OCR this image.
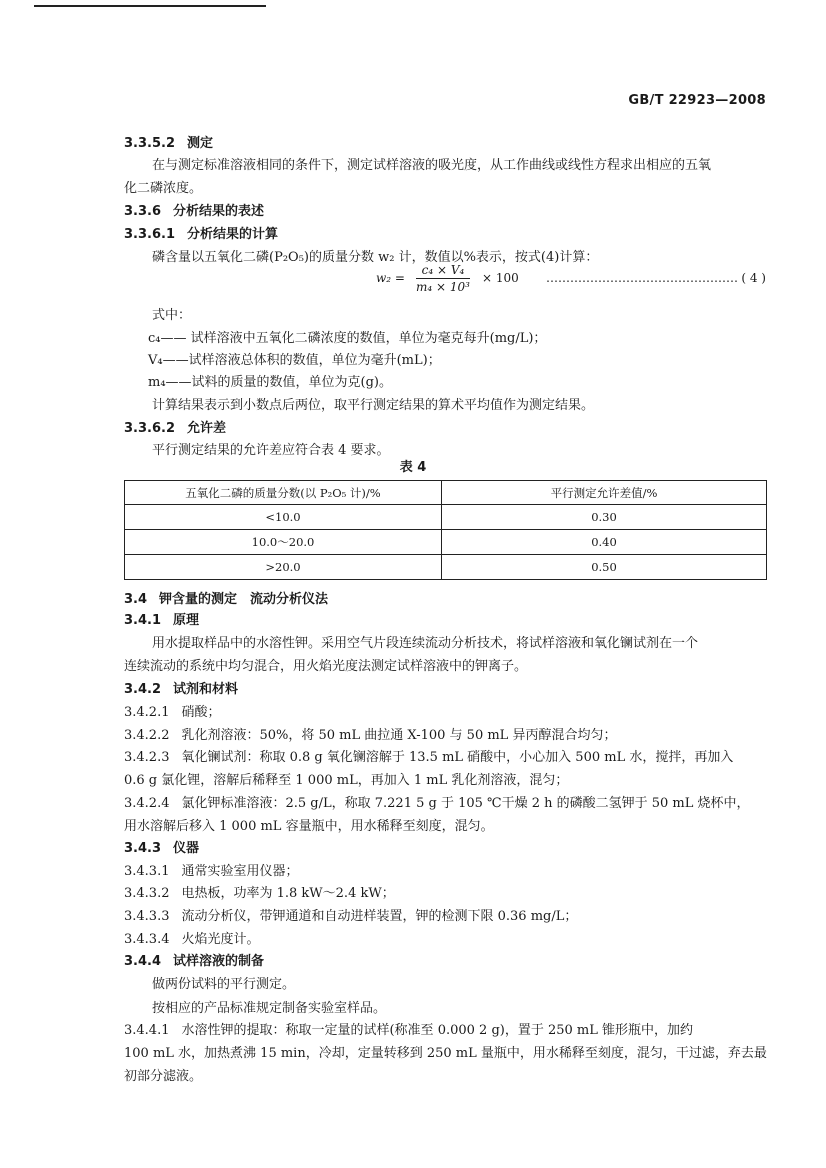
GB/T 22923—2008
3.3.5.2 测定
在与测定标准溶液相同的条件下，测定试样溶液的吸光度，从工作曲线或线性方程求出相应的五氧
化二磷浓度。
3.3.6 分析结果的表述
3.3.6.1 分析结果的计算
磷含量以五氧化二磷(P₂O₅)的质量分数 w₂ 计，数值以%表示，按式(4)计算：
式中：
c₄—— 试样溶液中五氧化二磷浓度的数值，单位为毫克每升(mg/L)；
V₄——试样溶液总体积的数值，单位为毫升(mL)；
m₄——试料的质量的数值，单位为克(g)。
计算结果表示到小数点后两位，取平行测定结果的算术平均值作为测定结果。
3.3.6.2 允许差
平行测定结果的允许差应符合表 4 要求。
3.4 钾含量的测定　流动分析仪法
3.4.1 原理
用水提取样品中的水溶性钾。采用空气片段连续流动分析技术，将试样溶液和氧化镧试剂在一个
连续流动的系统中均匀混合，用火焰光度法测定试样溶液中的钾离子。
3.4.2 试剂和材料
3.4.2.1 硝酸；
3.4.2.2 乳化剂溶液：50%，将 50 mL 曲拉通 X-100 与 50 mL 异丙醇混合均匀；
3.4.2.3 氧化镧试剂：称取 0.8 g 氧化镧溶解于 13.5 mL 硝酸中，小心加入 500 mL 水，搅拌，再加入
0.6 g 氯化锂，溶解后稀释至 1 000 mL，再加入 1 mL 乳化剂溶液，混匀；
3.4.2.4 氯化钾标准溶液：2.5 g/L，称取 7.221 5 g 于 105 ℃干燥 2 h 的磷酸二氢钾于 50 mL 烧杯中，
用水溶解后移入 1 000 mL 容量瓶中，用水稀释至刻度，混匀。
3.4.3 仪器
3.4.3.1 通常实验室用仪器；
3.4.3.2 电热板，功率为 1.8 kW～2.4 kW；
3.4.3.3 流动分析仪，带钾通道和自动进样装置，钾的检测下限 0.36 mg/L；
3.4.3.4 火焰光度计。
3.4.4 试样溶液的制备
做两份试料的平行测定。
按相应的产品标准规定制备实验室样品。
3.4.4.1 水溶性钾的提取：称取一定量的试样(称准至 0.000 2 g)，置于 250 mL 锥形瓶中，加约
100 mL 水，加热煮沸 15 min，冷却，定量转移到 250 mL 量瓶中，用水稀释至刻度，混匀，干过滤，弃去最
初部分滤液。
$w_2 = \frac{\text{c₄ × V₄}}{\text{m₄ × 10³}} \times 100$ ………………………………………… ( 4 )
表 4
五氧化二磷的质量分数(以 P₂O₅ 计)/%	平行测定允许差值/%
<10.0	0.30
10.0～20.0	0.40
>20.0	0.50
